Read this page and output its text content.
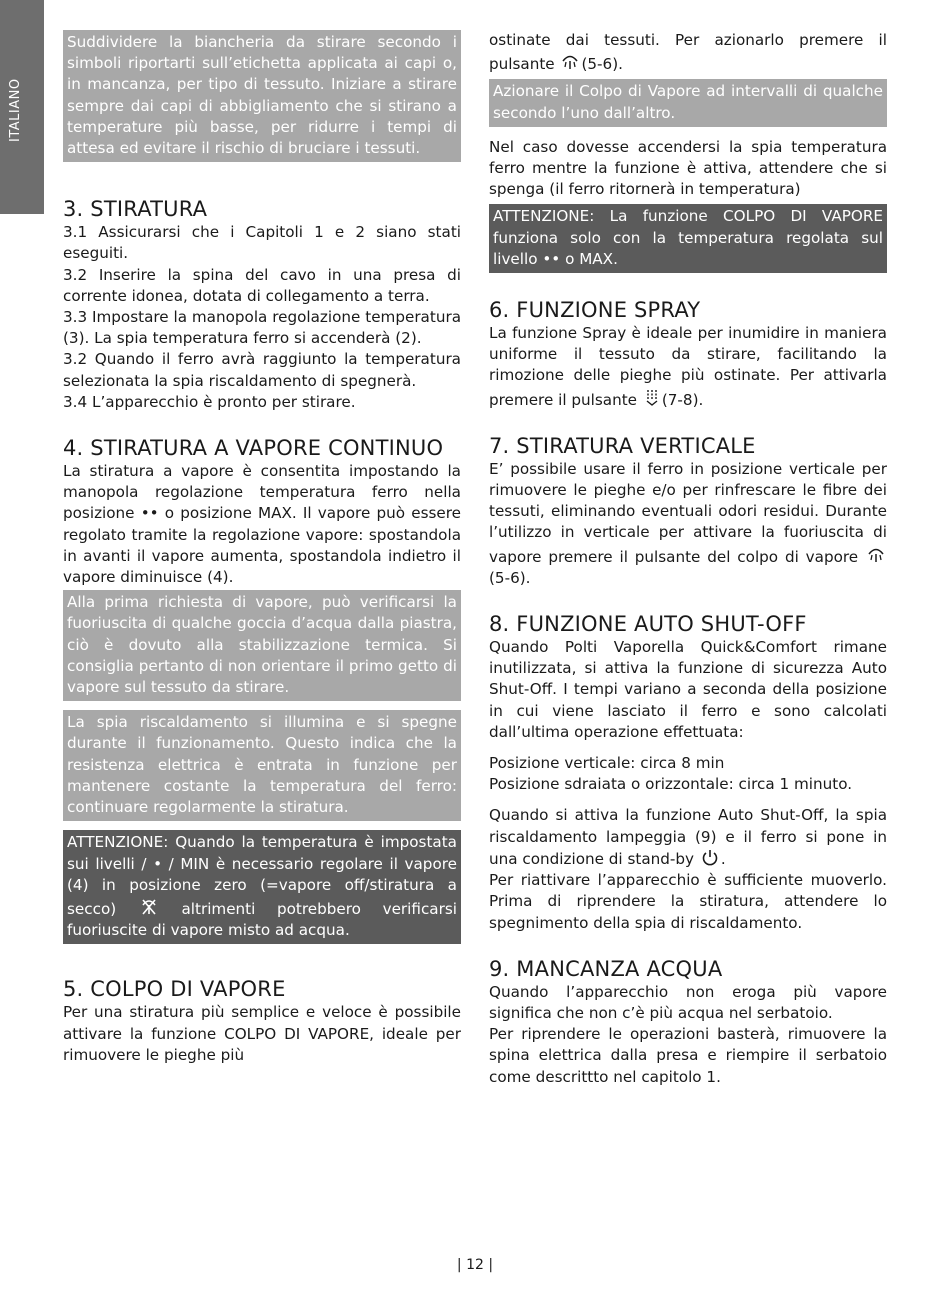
ITALIANO
Suddividere la biancheria da stirare secondo i simboli riportarti sull’etichetta applicata ai capi o, in mancanza, per tipo di tessuto. Iniziare a stirare sempre dai capi di abbigliamento che si stirano a temperature più basse, per ridurre i tempi di attesa ed evitare il rischio di bruciare i tessuti.
3. STIRATURA

3.1 Assicurarsi che i Capitoli 1 e 2 siano stati eseguiti.

3.2 Inserire la spina del cavo in una presa di corrente idonea, dotata di collegamento a terra.

3.3 Impostare la manopola regolazione temperatura (3). La spia temperatura ferro si accenderà (2).

3.2 Quando il ferro avrà raggiunto la temperatura selezionata la spia riscaldamento di spegnerà.

3.4 L’apparecchio è pronto per stirare.

4. STIRATURA A VAPORE CONTINUO

La stiratura a vapore è consentita impostando la manopola regolazione temperatura ferro nella posizione •• o posizione MAX. Il vapore può essere regolato tramite la regolazione vapore: spostandola in avanti il vapore aumenta, spostandola indietro il vapore diminuisce (4).

Alla prima richiesta di vapore, può verificarsi la fuoriuscita di qualche goccia d’acqua dalla piastra, ciò è dovuto alla stabilizzazione termica. Si consiglia pertanto di non orientare il primo getto di vapore sul tessuto da stirare.
La spia riscaldamento si illumina e si spegne durante il funzionamento. Questo indica che la resistenza elettrica è entrata in funzione per mantenere costante la temperatura del ferro: continuare regolarmente la stiratura.
ATTENZIONE: Quando la temperatura è impostata sui livelli / • / MIN è necessario regolare il vapore (4) in posizione zero (=vapore off/stiratura a secco)	altrimenti potrebbero verificarsi fuoriuscite di vapore misto ad acqua.
5. COLPO DI VAPORE

Per una stiratura più semplice e veloce è possibile attivare la funzione COLPO DI VAPORE, ideale per rimuovere le pieghe più

ostinate dai tessuti. Per azionarlo premere il pulsante (5-6).

Azionare il Colpo di Vapore ad intervalli di qualche secondo l’uno dall’altro.

Nel caso dovesse accendersi la spia temperatura ferro mentre la funzione è attiva, attendere che si spenga (il ferro ritornerà in temperatura)

ATTENZIONE: La funzione COLPO DI VAPORE funziona solo con la temperatura regolata sul livello •• o MAX.
6. FUNZIONE SPRAY

La funzione Spray è ideale per inumidire in maniera uniforme il tessuto da stirare, facilitando la rimozione delle pieghe più ostinate. Per attivarla premere il pulsante (7-8).

7. STIRATURA VERTICALE

E’ possibile usare il ferro in posizione verticale per rimuovere le pieghe e/o per rinfrescare le fibre dei tessuti, eliminando eventuali odori residui. Durante l’utilizzo in verticale per attivare la fuoriuscita di vapore premere il pulsante del colpo di vapore (5-6).

8. FUNZIONE AUTO SHUT-OFF

Quando Polti Vaporella Quick&Comfort rimane inutilizzata, si attiva la funzione di sicurezza Auto Shut-Off. I tempi variano a seconda della posizione in cui viene lasciato il ferro e sono calcolati dall’ultima operazione effettuata:

Posizione verticale: circa 8 min

Posizione sdraiata o orizzontale: circa 1 minuto.

Quando si attiva la funzione Auto Shut-Off, la spia riscaldamento lampeggia (9) e il ferro si pone in una condizione di stand-by .

Per riattivare l’apparecchio è sufficiente muoverlo. Prima di riprendere la stiratura, attendere lo spegnimento della spia di riscaldamento.

9. MANCANZA ACQUA

Quando l’apparecchio non eroga più vapore significa che non c’è più acqua nel serbatoio.

Per riprendere le operazioni basterà, rimuovere la spina elettrica dalla presa e riempire il serbatoio come descrittto nel capitolo 1.

| 12 |
